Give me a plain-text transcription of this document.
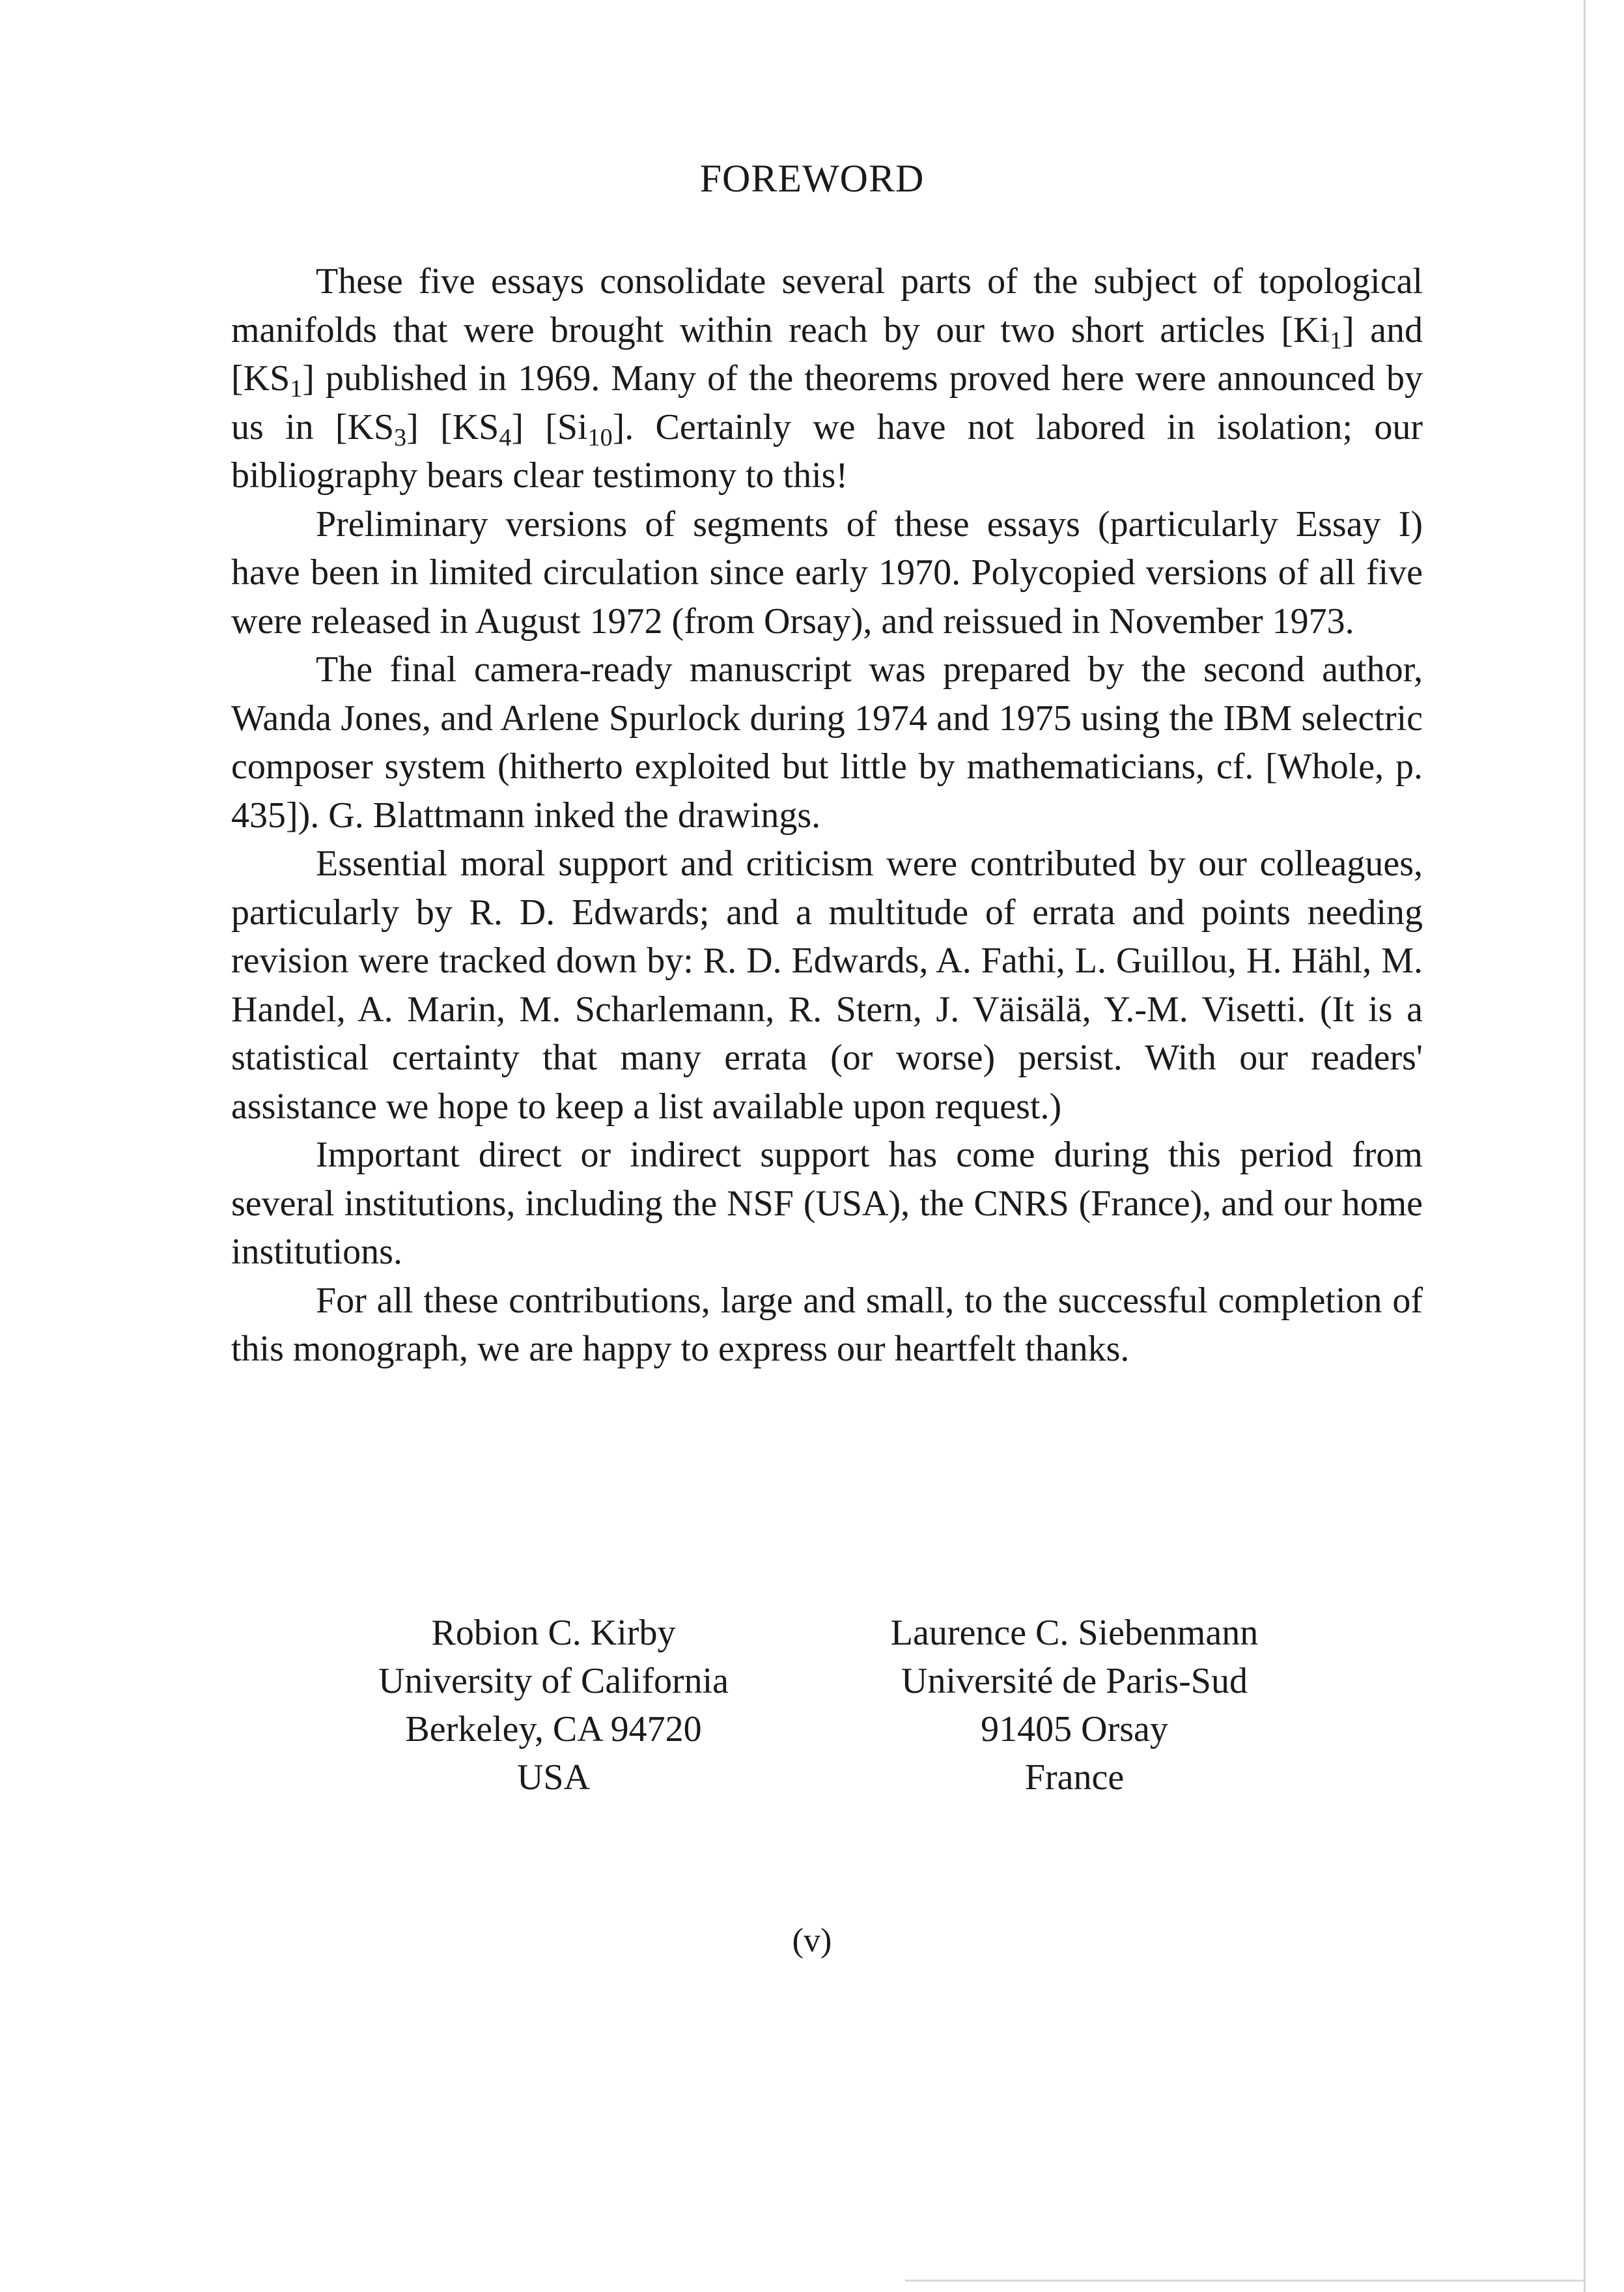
FOREWORD

These five essays consolidate several parts of the subject of topological manifolds that were brought within reach by our two short articles $[Ki_1]$ and $[KS_1]$ published in 1969. Many of the theorems proved here were announced by us in $[KS_3]$ $[KS_4]$ $[Si_{10}]$. Certainly we have not labored in isolation; our bibliography bears clear testimony to this!

Preliminary versions of segments of these essays (particularly Essay I) have been in limited circulation since early 1970. Polycopied versions of all five were released in August 1972 (from Orsay), and reissued in November 1973.

The final camera-ready manuscript was prepared by the second author, Wanda Jones, and Arlene Spurlock during 1974 and 1975 using the IBM selectric composer system (hitherto exploited but little by mathematicians, cf. [Whole, p. 435]). G. Blattmann inked the drawings.

Essential moral support and criticism were contributed by our colleagues, particularly by R. D. Edwards; and a multitude of errata and points needing revision were tracked down by: R. D. Edwards, A. Fathi, L. Guillou, H. Hähl, M. Handel, A. Marin, M. Scharlemann, R. Stern, J. Väisälä, Y.-M. Visetti. (It is a statistical certainty that many errata (or worse) persist. With our readers' assistance we hope to keep a list available upon request.)

Important direct or indirect support has come during this period from several institutions, including the NSF (USA), the CNRS (France), and our home institutions.

For all these contributions, large and small, to the successful completion of this monograph, we are happy to express our heartfelt thanks.

Robion C. Kirby
University of California
Berkeley, CA 94720
USA
Laurence C. Siebenmann
Université de Paris-Sud
91405 Orsay
France
(v)
